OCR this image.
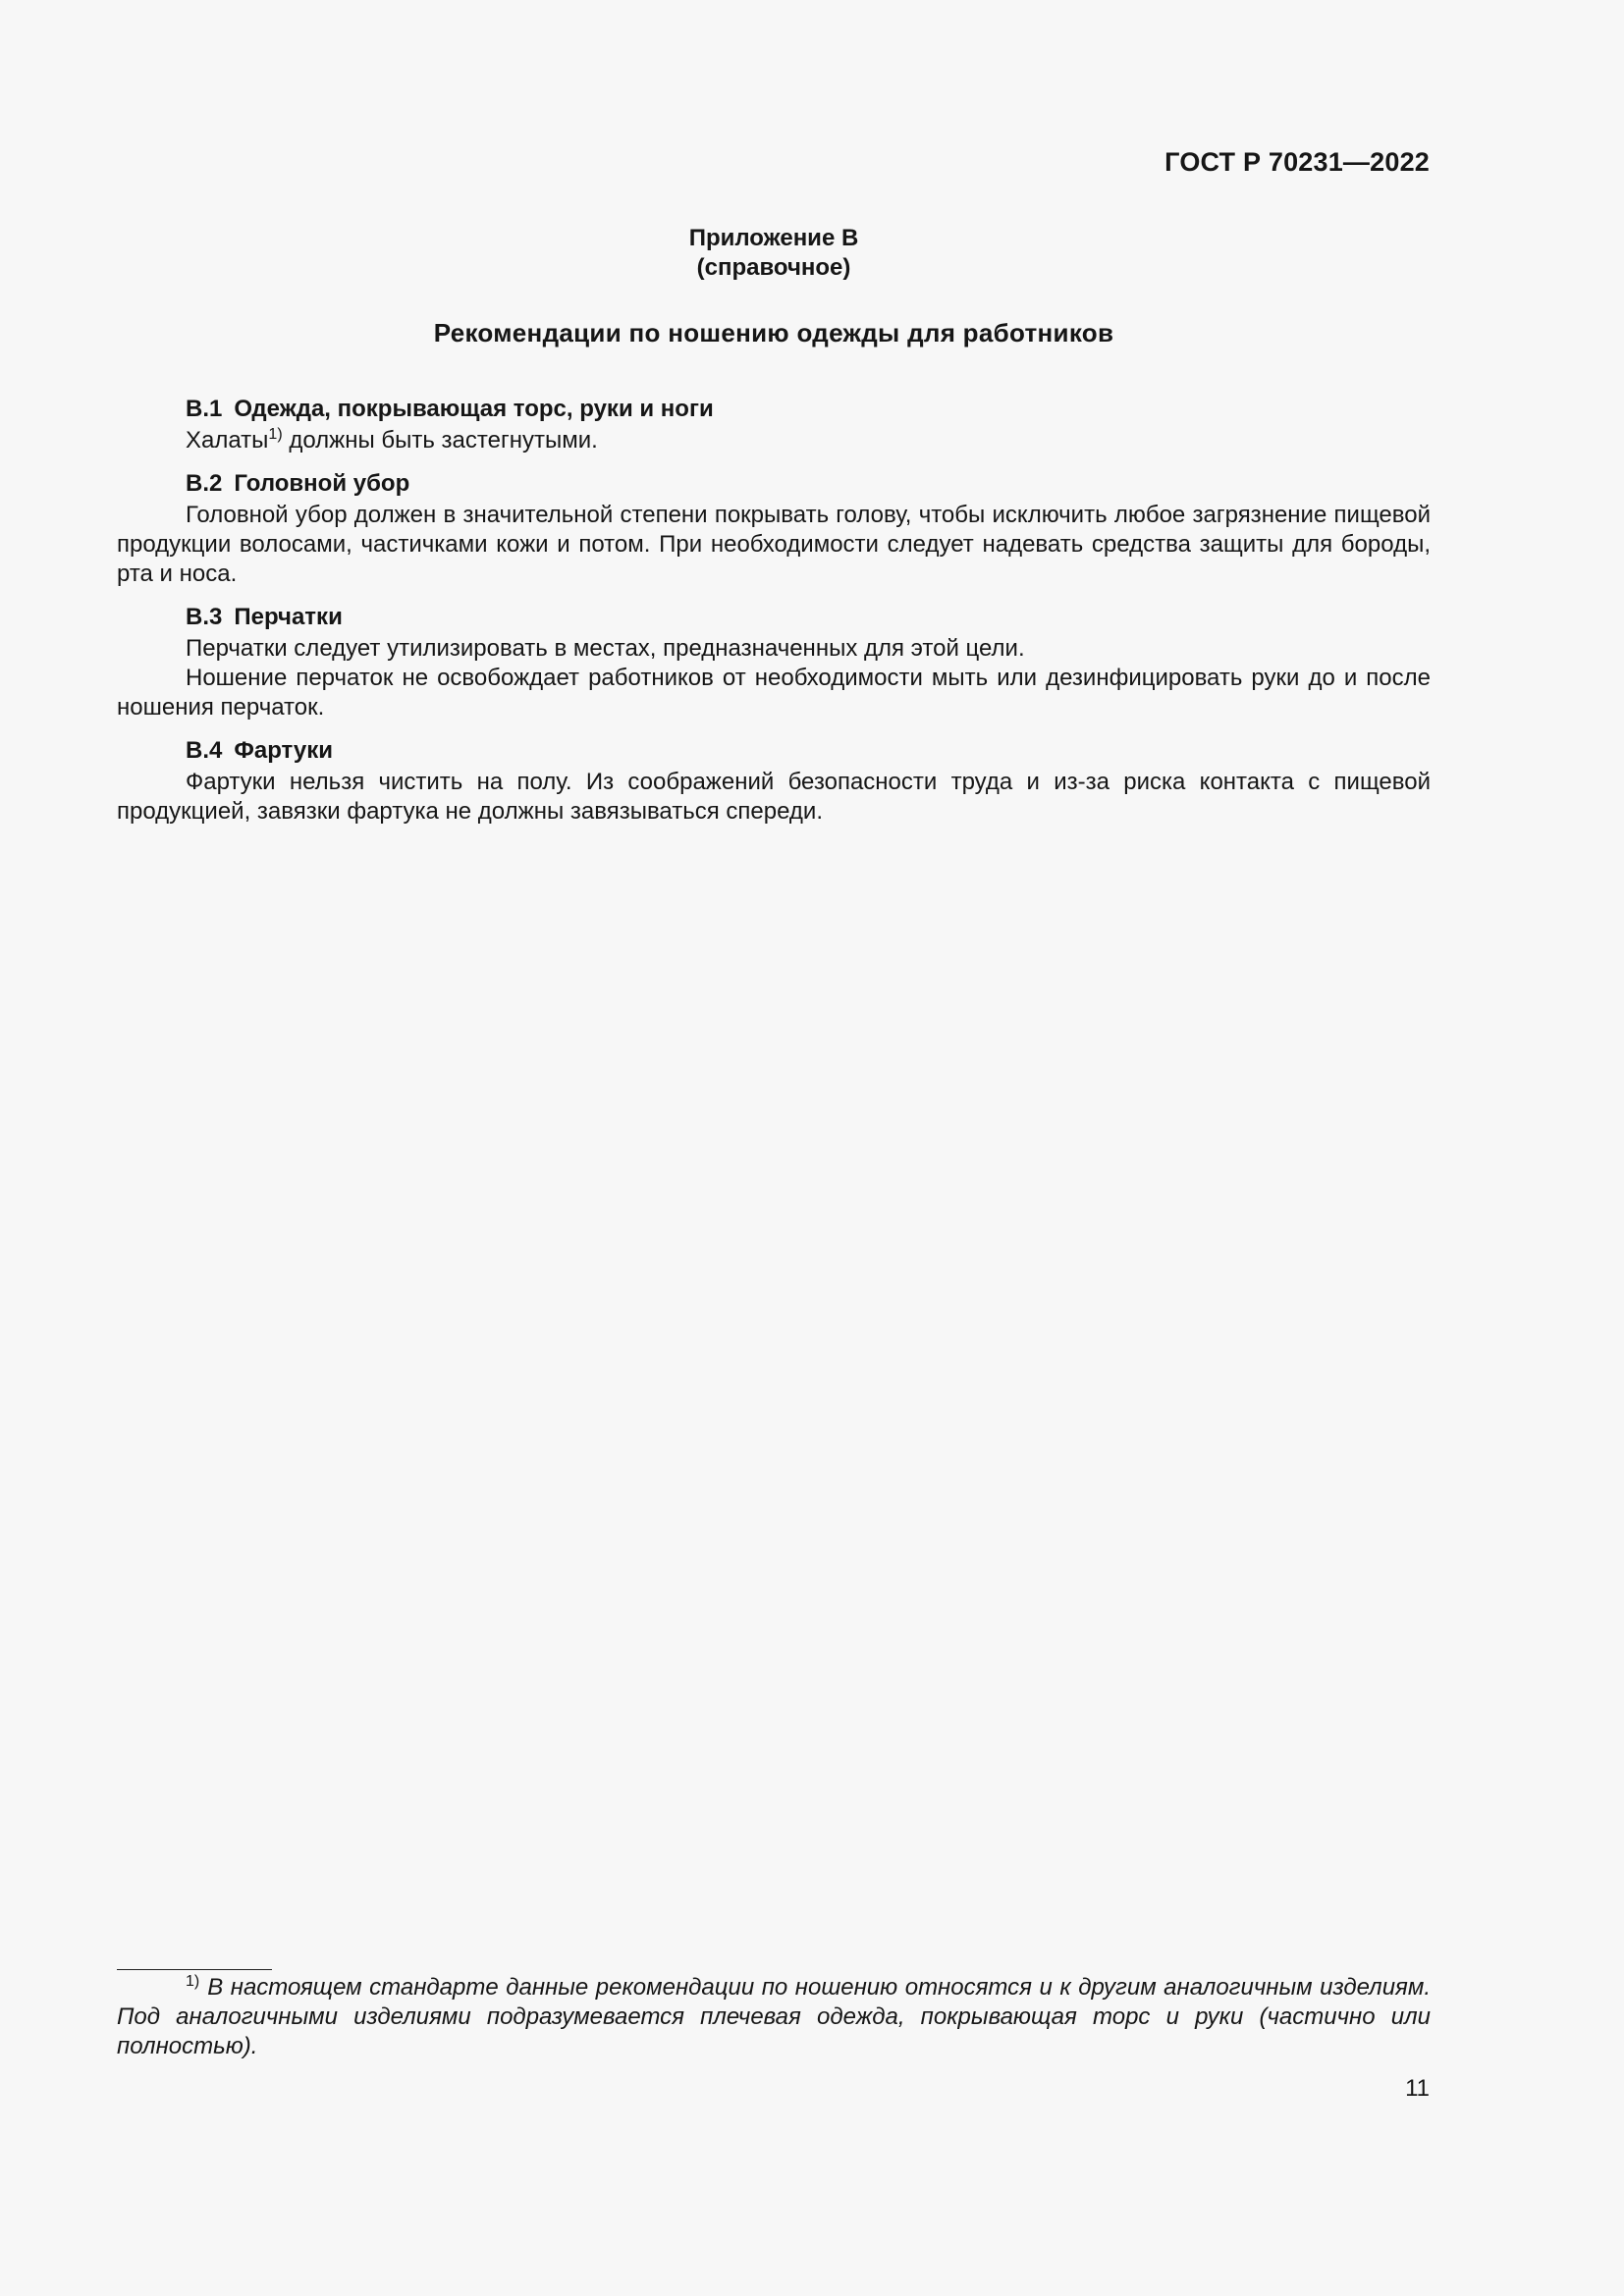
ГОСТ Р 70231—2022
Приложение В
(справочное)
Рекомендации по ношению одежды для работников
В.1 Одежда, покрывающая торс, руки и ноги

Халаты$^{1)}$ должны быть застегнутыми.

В.2 Головной убор

Головной убор должен в значительной степени покрывать голову, чтобы исключить любое загрязнение пищевой продукции волосами, частичками кожи и потом. При необходимости следует надевать средства защиты для бороды, рта и носа.

В.3 Перчатки

Перчатки следует утилизировать в местах, предназначенных для этой цели.

Ношение перчаток не освобождает работников от необходимости мыть или дезинфицировать руки до и после ношения перчаток.

В.4 Фартуки

Фартуки нельзя чистить на полу. Из соображений безопасности труда и из-за риска контакта с пищевой продукцией, завязки фартука не должны завязываться спереди.

$^{1)}$ В настоящем стандарте данные рекомендации по ношению относятся и к другим аналогичным изделиям. Под аналогичными изделиями подразумевается плечевая одежда, покрывающая торс и руки (частично или полностью).
11
